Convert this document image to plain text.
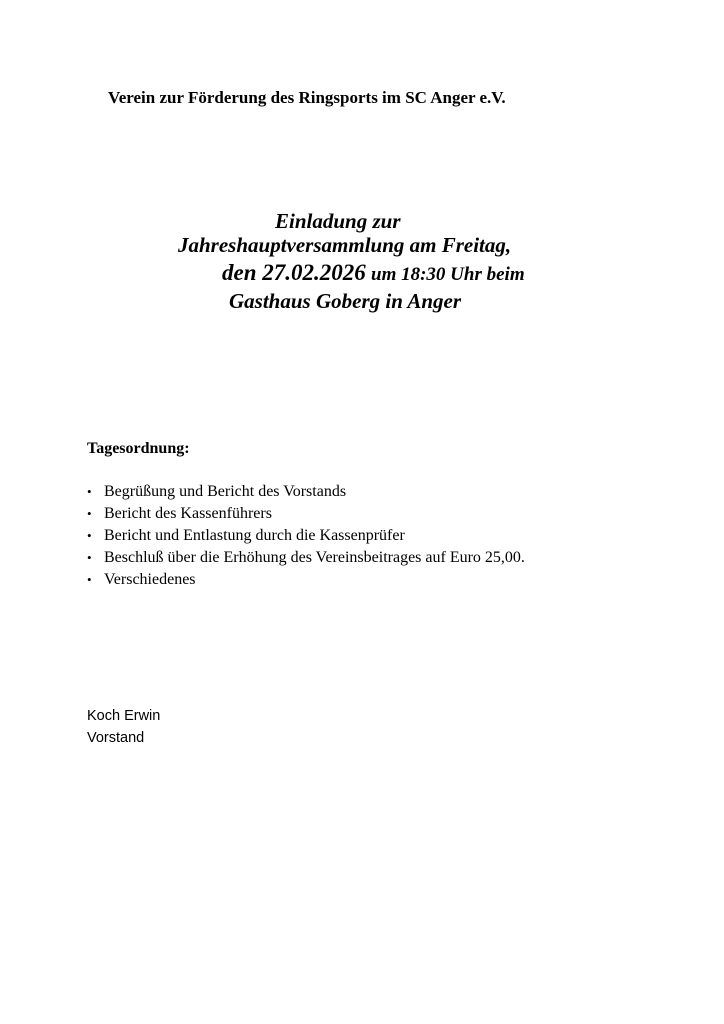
Verein zur Förderung des Ringsports im SC Anger e.V.
Einladung zur
Jahreshauptversammlung am Freitag,
den 27.02.2026 um 18:30 Uhr beim
Gasthaus Goberg in Anger
Tagesordnung:
• Begrüßung und Bericht des Vorstands
• Bericht des Kassenführers
• Bericht und Entlastung durch die Kassenprüfer
• Beschluß über die Erhöhung des Vereinsbeitrages auf Euro 25,00.
• Verschiedenes
Koch Erwin
Vorstand
